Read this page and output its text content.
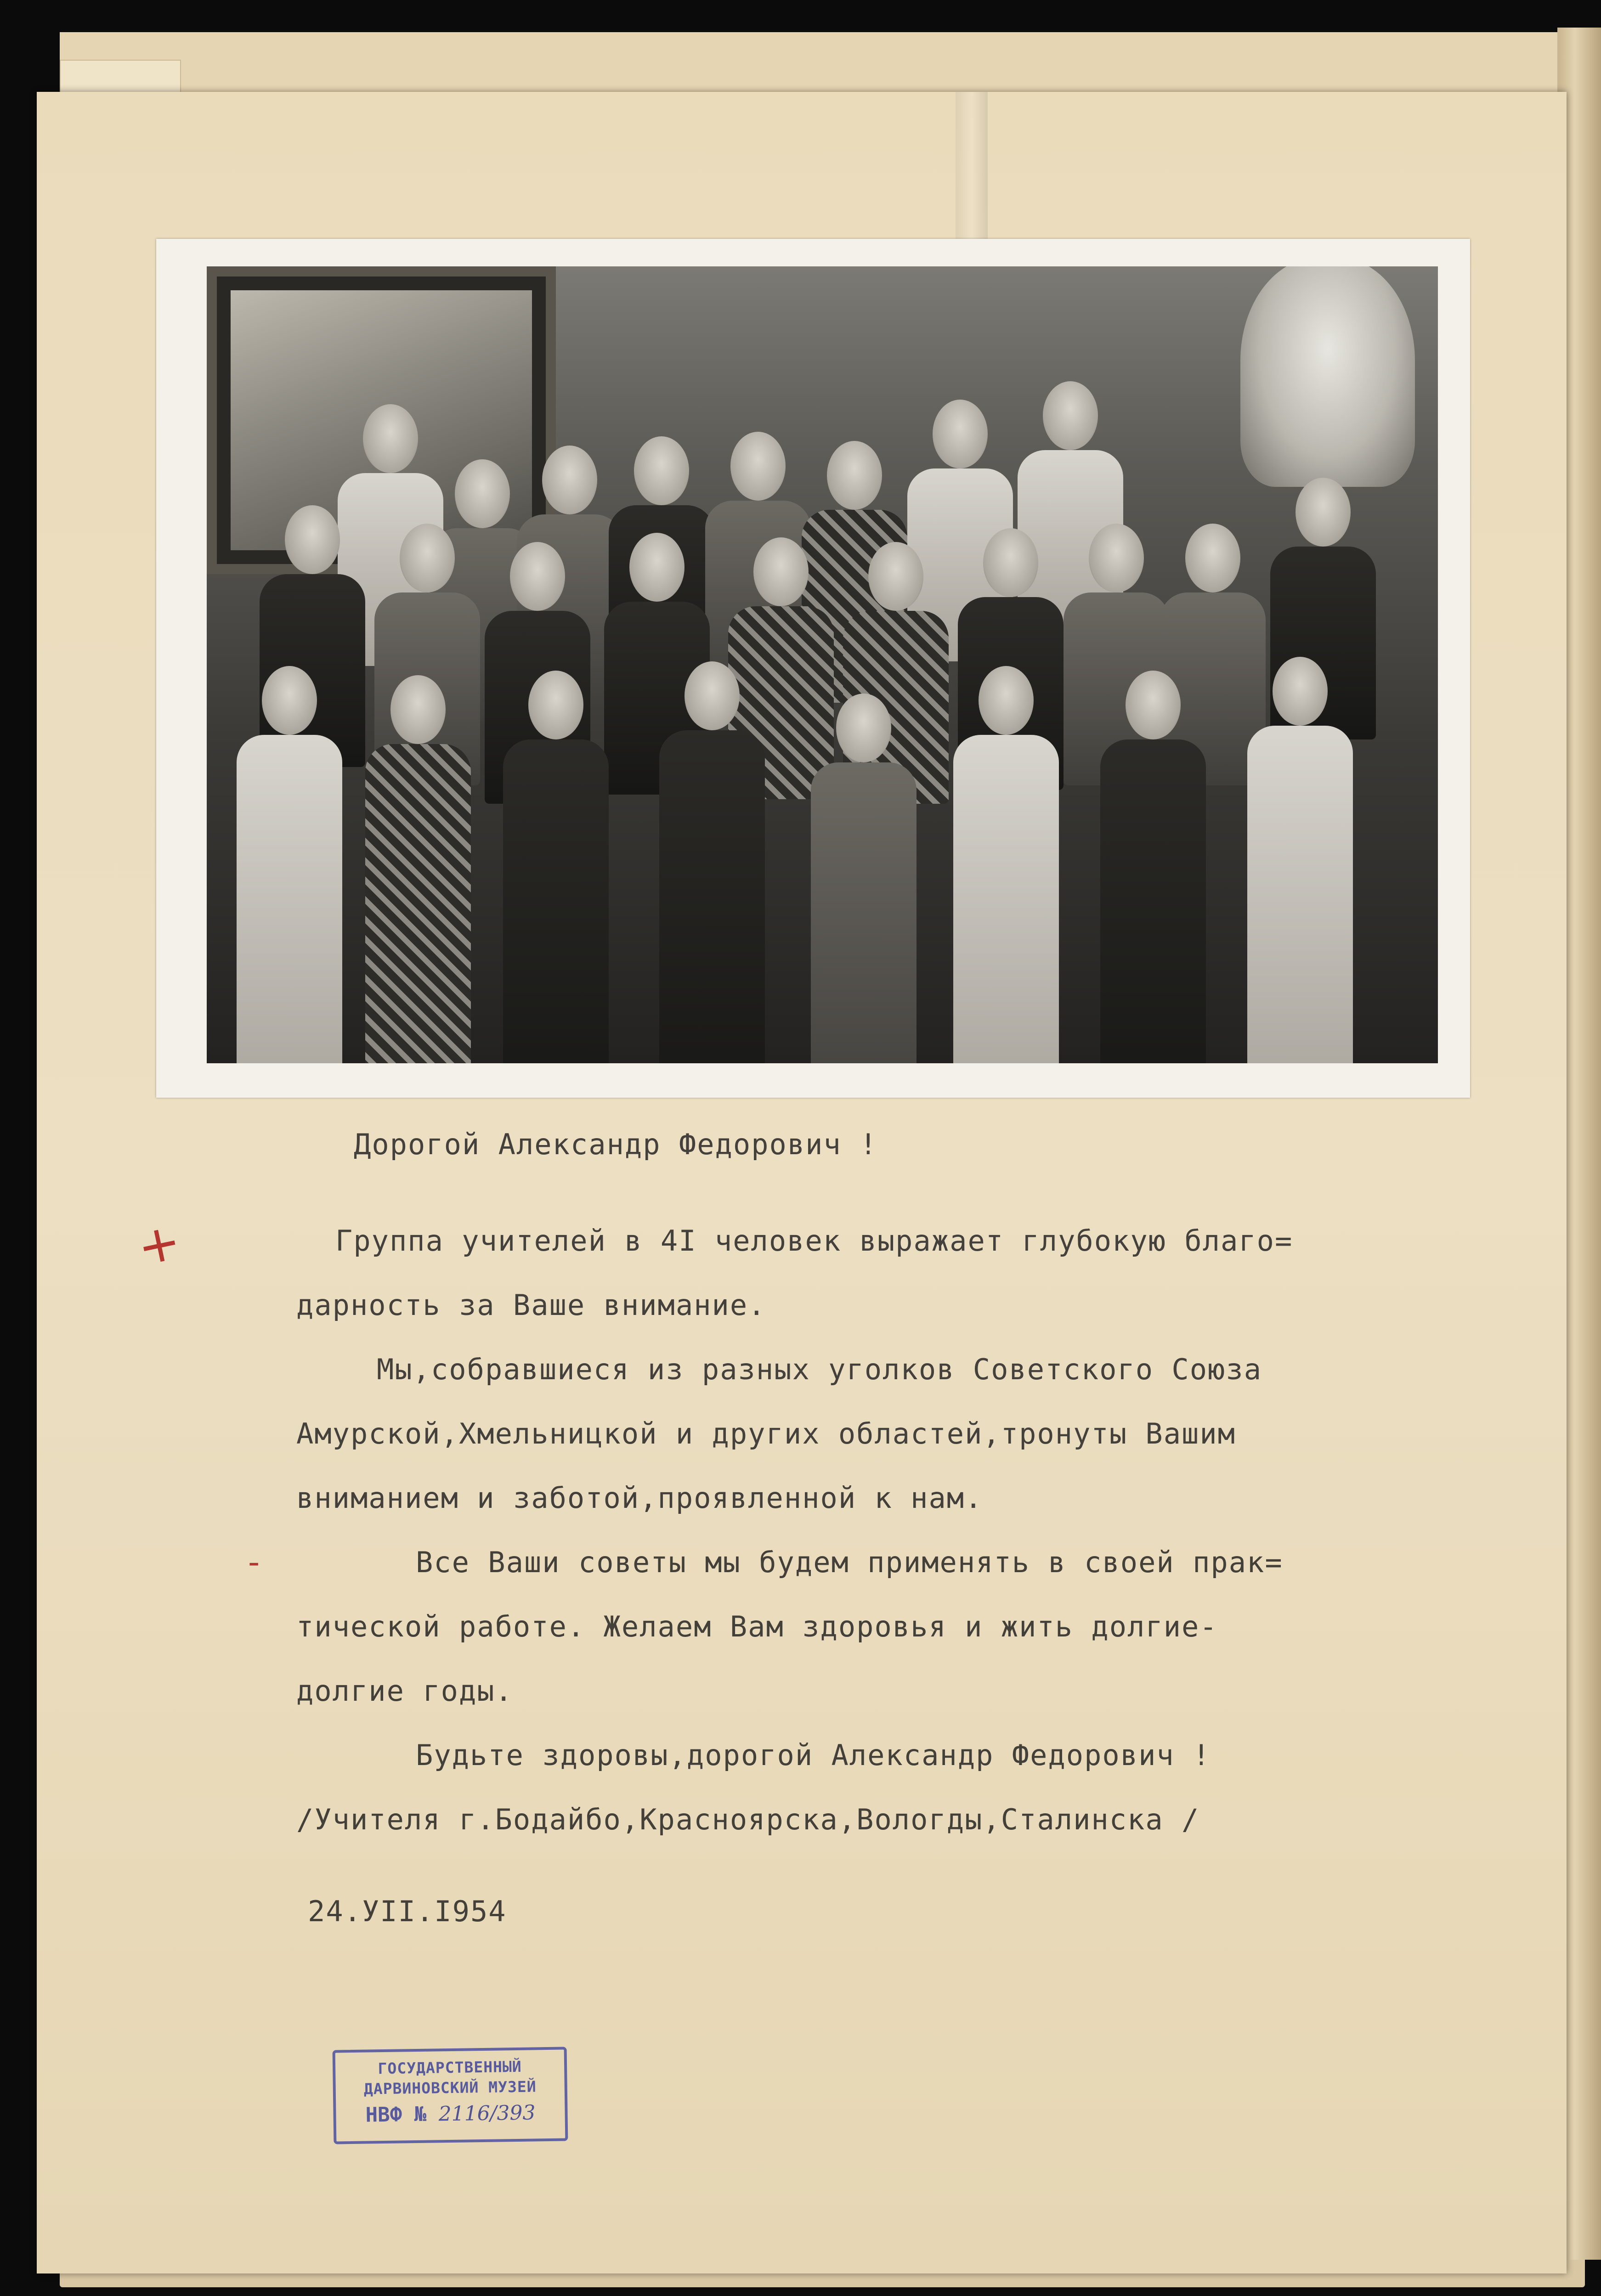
Дорогой Александр Федорович !
Группа учителей в 4I человек выражает глубокую благо=
дарность за Ваше внимание.
Мы,собравшиеся из разных уголков Советского Союза
Амурской,Хмельницкой и других областей,тронуты Вашим
вниманием и заботой,проявленной к нам.
Все Ваши советы мы будем применять в своей прак=
тической работе. Желаем Вам здоровья и жить долгие-
долгие годы.
Будьте здоровы,дорогой Александр Федорович !
/Учителя г.Бодайбо,Красноярска,Вологды,Сталинска /
24.УII.I954
+
-
ГОСУДАРСТВЕННЫЙ
ДАРВИНОВСКИЙ МУЗЕЙ
НВФ № 2116/393
